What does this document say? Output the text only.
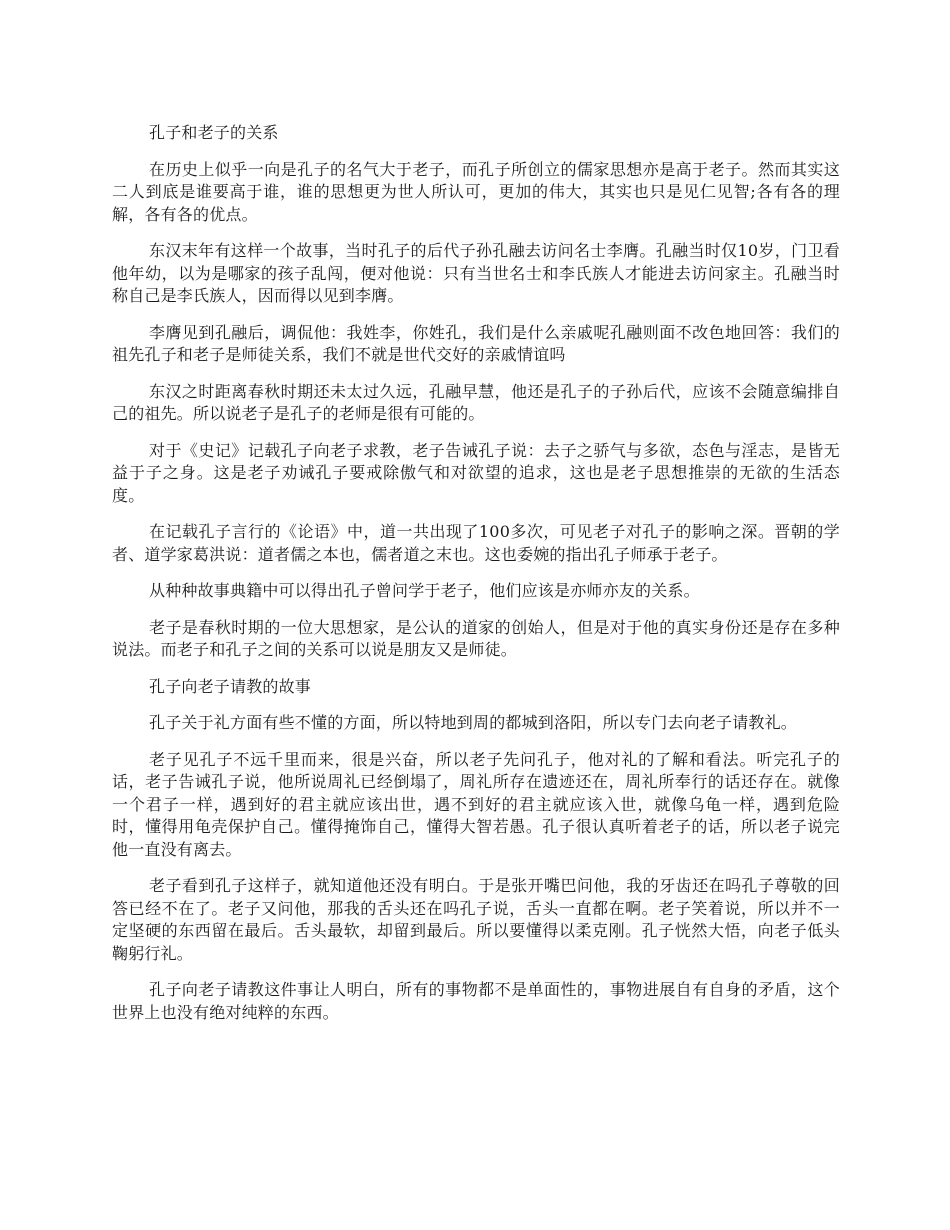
孔子和老子的关系

在历史上似乎一向是孔子的名气大于老子，而孔子所创立的儒家思想亦是高于老子。然而其实这二人到底是谁要高于谁，谁的思想更为世人所认可，更加的伟大，其实也只是见仁见智;各有各的理解，各有各的优点。

东汉末年有这样一个故事，当时孔子的后代子孙孔融去访问名士李膺。孔融当时仅10岁，门卫看他年幼，以为是哪家的孩子乱闯，便对他说：只有当世名士和李氏族人才能进去访问家主。孔融当时称自己是李氏族人，因而得以见到李膺。

李膺见到孔融后，调侃他：我姓李，你姓孔，我们是什么亲戚呢孔融则面不改色地回答：我们的祖先孔子和老子是师徒关系，我们不就是世代交好的亲戚情谊吗

东汉之时距离春秋时期还未太过久远，孔融早慧，他还是孔子的子孙后代，应该不会随意编排自己的祖先。所以说老子是孔子的老师是很有可能的。

对于《史记》记载孔子向老子求教，老子告诫孔子说：去子之骄气与多欲，态色与淫志，是皆无益于子之身。这是老子劝诫孔子要戒除傲气和对欲望的追求，这也是老子思想推崇的无欲的生活态度。

在记载孔子言行的《论语》中，道一共出现了100多次，可见老子对孔子的影响之深。晋朝的学者、道学家葛洪说：道者儒之本也，儒者道之末也。这也委婉的指出孔子师承于老子。

从种种故事典籍中可以得出孔子曾问学于老子，他们应该是亦师亦友的关系。

老子是春秋时期的一位大思想家，是公认的道家的创始人，但是对于他的真实身份还是存在多种说法。而老子和孔子之间的关系可以说是朋友又是师徒。

孔子向老子请教的故事

孔子关于礼方面有些不懂的方面，所以特地到周的都城到洛阳，所以专门去向老子请教礼。

老子见孔子不远千里而来，很是兴奋，所以老子先问孔子，他对礼的了解和看法。听完孔子的话，老子告诫孔子说，他所说周礼已经倒塌了，周礼所存在遗迹还在，周礼所奉行的话还存在。就像一个君子一样，遇到好的君主就应该出世，遇不到好的君主就应该入世，就像乌龟一样，遇到危险时，懂得用龟壳保护自己。懂得掩饰自己，懂得大智若愚。孔子很认真听着老子的话，所以老子说完他一直没有离去。

老子看到孔子这样子，就知道他还没有明白。于是张开嘴巴问他，我的牙齿还在吗孔子尊敬的回答已经不在了。老子又问他，那我的舌头还在吗孔子说，舌头一直都在啊。老子笑着说，所以并不一定坚硬的东西留在最后。舌头最软，却留到最后。所以要懂得以柔克刚。孔子恍然大悟，向老子低头鞠躬行礼。

孔子向老子请教这件事让人明白，所有的事物都不是单面性的，事物进展自有自身的矛盾，这个世界上也没有绝对纯粹的东西。
